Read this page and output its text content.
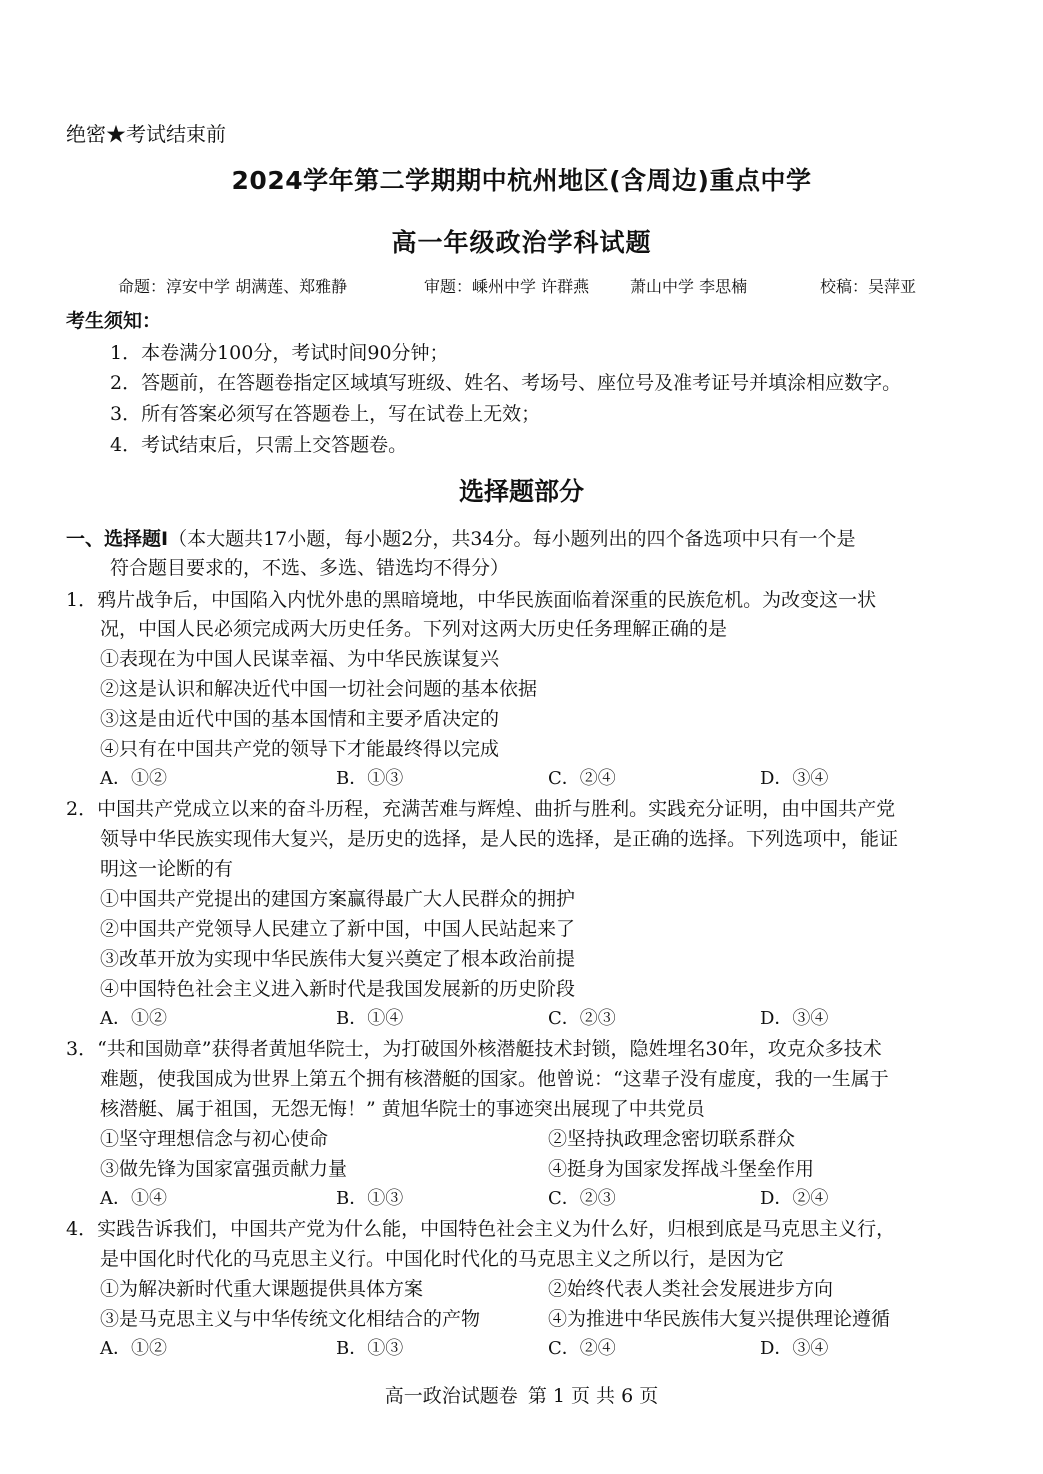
绝密★考试结束前
2024学年第二学期期中杭州地区(含周边)重点中学
高一年级政治学科试题
命题：淳安中学 胡满莲、郑雅静	审题：嵊州中学 许群燕	萧山中学 李思楠	校稿：吴萍亚
考生须知：
1．本卷满分100分，考试时间90分钟；
2．答题前，在答题卷指定区域填写班级、姓名、考场号、座位号及准考证号并填涂相应数字。
3．所有答案必须写在答题卷上，写在试卷上无效；
4．考试结束后，只需上交答题卷。
选择题部分
一、选择题Ⅰ（本大题共17小题，每小题2分，共34分。每小题列出的四个备选项中只有一个是
符合题目要求的，不选、多选、错选均不得分）
1．鸦片战争后，中国陷入内忧外患的黑暗境地，中华民族面临着深重的民族危机。为改变这一状
况，中国人民必须完成两大历史任务。下列对这两大历史任务理解正确的是
①表现在为中国人民谋幸福、为中华民族谋复兴
②这是认识和解决近代中国一切社会问题的基本依据
③这是由近代中国的基本国情和主要矛盾决定的
④只有在中国共产党的领导下才能最终得以完成
A．①②	B．①③	C．②④	D．③④
2．中国共产党成立以来的奋斗历程，充满苦难与辉煌、曲折与胜利。实践充分证明，由中国共产党
领导中华民族实现伟大复兴，是历史的选择，是人民的选择，是正确的选择。下列选项中，能证
明这一论断的有
①中国共产党提出的建国方案赢得最广大人民群众的拥护
②中国共产党领导人民建立了新中国，中国人民站起来了
③改革开放为实现中华民族伟大复兴奠定了根本政治前提
④中国特色社会主义进入新时代是我国发展新的历史阶段
A．①②	B．①④	C．②③	D．③④
3．“共和国勋章”获得者黄旭华院士，为打破国外核潜艇技术封锁，隐姓埋名30年，攻克众多技术
难题，使我国成为世界上第五个拥有核潜艇的国家。他曾说：“这辈子没有虚度，我的一生属于
核潜艇、属于祖国，无怨无悔！” 黄旭华院士的事迹突出展现了中共党员
①坚守理想信念与初心使命	②坚持执政理念密切联系群众
③做先锋为国家富强贡献力量	④挺身为国家发挥战斗堡垒作用
A．①④	B．①③	C．②③	D．②④
4．实践告诉我们，中国共产党为什么能，中国特色社会主义为什么好，归根到底是马克思主义行，
是中国化时代化的马克思主义行。中国化时代化的马克思主义之所以行，是因为它
①为解决新时代重大课题提供具体方案	②始终代表人类社会发展进步方向
③是马克思主义与中华传统文化相结合的产物	④为推进中华民族伟大复兴提供理论遵循
A．①②	B．①③	C．②④	D．③④
高一政治试题卷 第 1 页 共 6 页
